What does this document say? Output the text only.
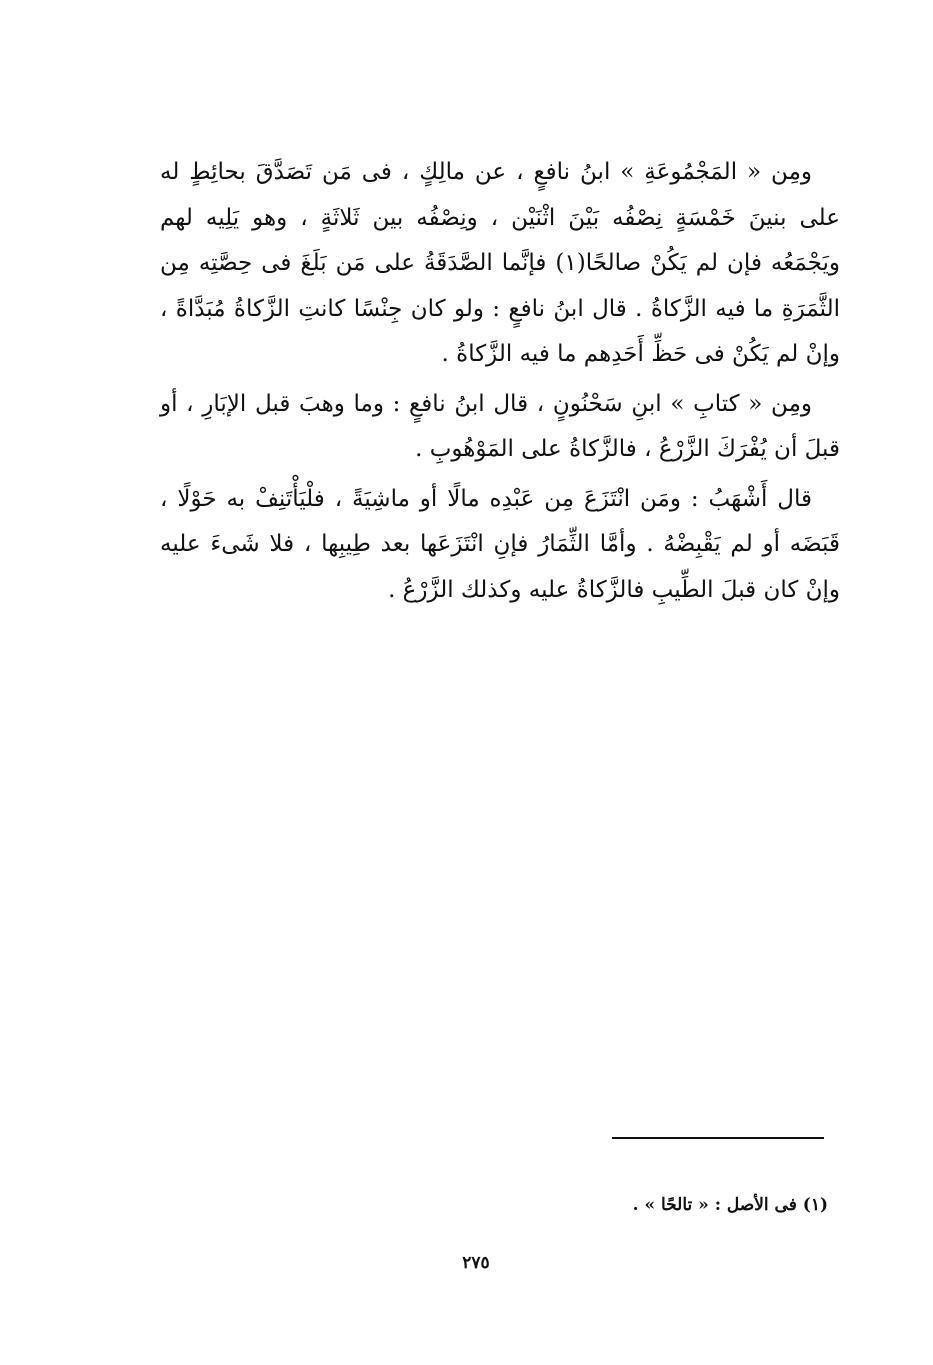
ومِن « المَجْمُوعَةِ » ابنُ نافعٍ ، عن مالِكٍ ، فى مَن تَصَدَّقَ بحائِطٍ له على بنينَ خَمْسَةٍ نِصْفُه بَيْنَ اثْنَيْن ، ونِصْفُه بين ثَلاثَةٍ ، وهو يَلِيه لهم ويَجْمَعُه فإن لم يَكُنْ صالحًا(١) فإنَّما الصَّدَقَةُ على مَن بَلَغَ فى حِصَّتِه مِن الثَّمَرَةِ ما فيه الزَّكاةُ . قال ابنُ نافعٍ : ولو كان جِنْسًا كانتِ الزَّكاةُ مُبَدَّاةً ، وإنْ لم يَكُنْ فى حَظِّ أَحَدِهم ما فيه الزَّكاةُ .

ومِن « كتابِ » ابنِ سَحْنُونٍ ، قال ابنُ نافعٍ : وما وهبَ قبل الإبَارِ ، أو قبلَ أن يُفْرَكَ الزَّرْعُ ، فالزَّكاةُ على المَوْهُوبِ .

قال أَشْهَبُ : ومَن انْتَزَعَ مِن عَبْدِه مالًا أو ماشِيَةً ، فلْيَأْتَنِفْ به حَوْلًا ، قَبَضَه أو لم يَقْبِضْهُ . وأمَّا الثِّمَارُ فإنِ انْتَزَعَها بعد طِيبِها ، فلا شَىءَ عليه وإنْ كان قبلَ الطِّيبِ فالزَّكاةُ عليه وكذلك الزَّرْعُ .

(١) فى الأصل : « تالحًا » .
٢٧٥
